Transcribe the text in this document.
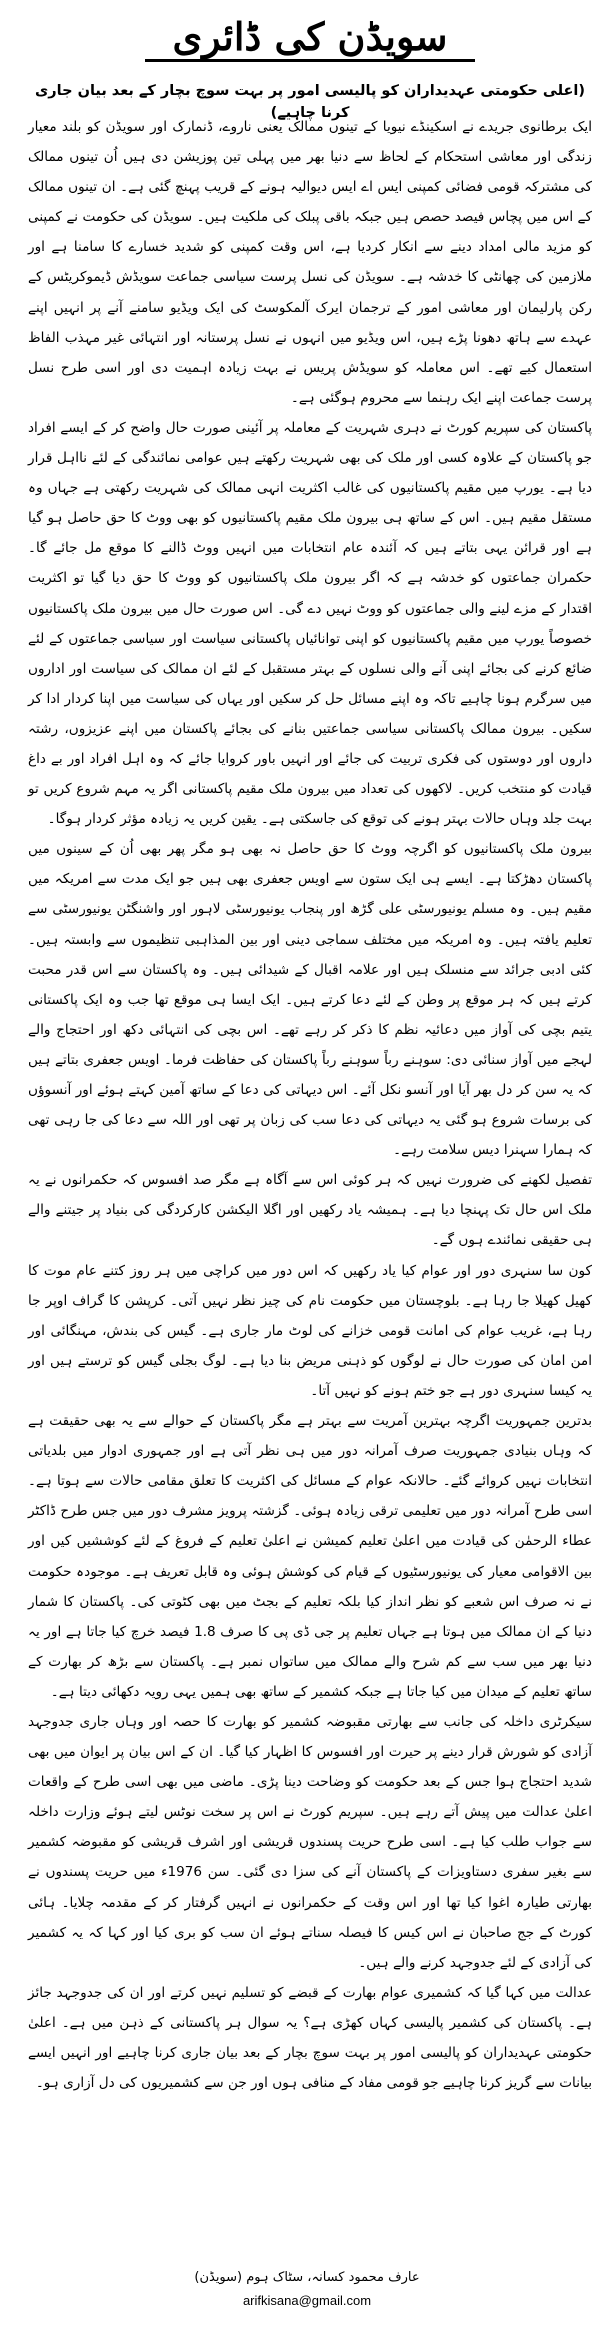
سویڈن کی ڈائری
(اعلی حکومتی عہدیداران کو پالیسی امور پر بہت سوچ بچار کے بعد بیان جاری کرنا چاہیے)

ایک برطانوی جریدے نے اسکینڈے نیویا کے تینوں ممالک یعنی ناروے، ڈنمارک اور سویڈن کو بلند معیار زندگی اور معاشی استحکام کے لحاظ سے دنیا بھر میں پہلی تین پوزیشن دی ہیں اُن تینوں ممالک کی مشترکہ قومی فضائی کمپنی ایس اے ایس دیوالیہ ہونے کے قریب پہنچ گئی ہے۔ ان تینوں ممالک کے اس میں پچاس فیصد حصص ہیں جبکہ باقی پبلک کی ملکیت ہیں۔ سویڈن کی حکومت نے کمپنی کو مزید مالی امداد دینے سے انکار کردیا ہے، اس وقت کمپنی کو شدید خسارے کا سامنا ہے اور ملازمین کی چھانٹی کا خدشہ ہے۔ سویڈن کی نسل پرست سیاسی جماعت سویڈش ڈیموکریٹس کے رکن پارلیمان اور معاشی امور کے ترجمان ایرک آلمکوسٹ کی ایک ویڈیو سامنے آنے پر انہیں اپنے عہدے سے ہاتھ دھونا پڑے ہیں، اس ویڈیو میں انہوں نے نسل پرستانہ اور انتہائی غیر مہذب الفاظ استعمال کیے تھے۔ اس معاملہ کو سویڈش پریس نے بہت زیادہ اہمیت دی اور اسی طرح نسل پرست جماعت اپنے ایک رہنما سے محروم ہوگئی ہے۔

پاکستان کی سپریم کورٹ نے دہری شہریت کے معاملہ پر آئینی صورت حال واضح کر کے ایسے افراد جو پاکستان کے علاوہ کسی اور ملک کی بھی شہریت رکھتے ہیں عوامی نمائندگی کے لئے نااہل قرار دیا ہے۔ یورپ میں مقیم پاکستانیوں کی غالب اکثریت انہی ممالک کی شہریت رکھتی ہے جہاں وہ مستقل مقیم ہیں۔ اس کے ساتھ ہی بیرون ملک مقیم پاکستانیوں کو بھی ووٹ کا حق حاصل ہو گیا ہے اور قرائن یہی بتاتے ہیں کہ آئندہ عام انتخابات میں انہیں ووٹ ڈالنے کا موقع مل جائے گا۔ حکمران جماعتوں کو خدشہ ہے کہ اگر بیرون ملک پاکستانیوں کو ووٹ کا حق دیا گیا تو اکثریت اقتدار کے مزے لینے والی جماعتوں کو ووٹ نہیں دے گی۔ اس صورت حال میں بیرون ملک پاکستانیوں خصوصاً یورپ میں مقیم پاکستانیوں کو اپنی توانائیاں پاکستانی سیاست اور سیاسی جماعتوں کے لئے ضائع کرنے کی بجائے اپنی آنے والی نسلوں کے بہتر مستقبل کے لئے ان ممالک کی سیاست اور اداروں میں سرگرم ہونا چاہیے تاکہ وہ اپنے مسائل حل کر سکیں اور یہاں کی سیاست میں اپنا کردار ادا کر سکیں۔ بیرون ممالک پاکستانی سیاسی جماعتیں بنانے کی بجائے پاکستان میں اپنے عزیزوں، رشتہ داروں اور دوستوں کی فکری تربیت کی جائے اور انہیں باور کروایا جائے کہ وہ اہل افراد اور بے داغ قیادت کو منتخب کریں۔ لاکھوں کی تعداد میں بیرون ملک مقیم پاکستانی اگر یہ مہم شروع کریں تو بہت جلد وہاں حالات بہتر ہونے کی توقع کی جاسکتی ہے۔ یقین کریں یہ زیادہ مؤثر کردار ہوگا۔

بیرون ملک پاکستانیوں کو اگرچہ ووٹ کا حق حاصل نہ بھی ہو مگر پھر بھی اُن کے سینوں میں پاکستان دھڑکتا ہے۔ ایسے ہی ایک ستون سے اویس جعفری بھی ہیں جو ایک مدت سے امریکہ میں مقیم ہیں۔ وہ مسلم یونیورسٹی علی گڑھ اور پنجاب یونیورسٹی لاہور اور واشنگٹن یونیورسٹی سے تعلیم یافتہ ہیں۔ وہ امریکہ میں مختلف سماجی دینی اور بین المذاہبی تنظیموں سے وابستہ ہیں۔ کئی ادبی جرائد سے منسلک ہیں اور علامہ اقبال کے شیدائی ہیں۔ وہ پاکستان سے اس قدر محبت کرتے ہیں کہ ہر موقع پر وطن کے لئے دعا کرتے ہیں۔ ایک ایسا ہی موقع تھا جب وہ ایک پاکستانی یتیم بچی کی آواز میں دعائیہ نظم کا ذکر کر رہے تھے۔ اس بچی کی انتہائی دکھ اور احتجاج والے لہجے میں آواز سنائی دی: سوہنے رباً سوہنے رباً پاکستان کی حفاظت فرما۔ اویس جعفری بتاتے ہیں کہ یہ سن کر دل بھر آیا اور آنسو نکل آئے۔ اس دیہاتی کی دعا کے ساتھ آمین کہتے ہوئے اور آنسوؤں کی برسات شروع ہو گئی یہ دیہاتی کی دعا سب کی زبان پر تھی اور اللہ سے دعا کی جا رہی تھی کہ ہمارا سہنرا دیس سلامت رہے۔

تفصیل لکھنے کی ضرورت نہیں کہ ہر کوئی اس سے آگاہ ہے مگر صد افسوس کہ حکمرانوں نے یہ ملک اس حال تک پہنچا دیا ہے۔ ہمیشہ یاد رکھیں اور اگلا الیکشن کارکردگی کی بنیاد پر جیتنے والے ہی حقیقی نمائندے ہوں گے۔

کون سا سنہری دور اور عوام کیا یاد رکھیں کہ اس دور میں کراچی میں ہر روز کتنے عام موت کا کھیل کھیلا جا رہا ہے۔ بلوچستان میں حکومت نام کی چیز نظر نہیں آتی۔ کرپشن کا گراف اوپر جا رہا ہے، غریب عوام کی امانت قومی خزانے کی لوٹ مار جاری ہے۔ گیس کی بندش، مہنگائی اور امن امان کی صورت حال نے لوگوں کو ذہنی مریض بنا دیا ہے۔ لوگ بجلی گیس کو ترستے ہیں اور یہ کیسا سنہری دور ہے جو ختم ہونے کو نہیں آتا۔

بدترین جمہوریت اگرچہ بہترین آمریت سے بہتر ہے مگر پاکستان کے حوالے سے یہ بھی حقیقت ہے کہ وہاں بنیادی جمہوریت صرف آمرانہ دور میں ہی نظر آتی ہے اور جمہوری ادوار میں بلدیاتی انتخابات نہیں کروائے گئے۔ حالانکہ عوام کے مسائل کی اکثریت کا تعلق مقامی حالات سے ہوتا ہے۔ اسی طرح آمرانہ دور میں تعلیمی ترقی زیادہ ہوئی۔ گزشتہ پرویز مشرف دور میں جس طرح ڈاکٹر عطاء الرحمٰن کی قیادت میں اعلیٰ تعلیم کمیشن نے اعلیٰ تعلیم کے فروغ کے لئے کوششیں کیں اور بین الاقوامی معیار کی یونیورسٹیوں کے قیام کی کوشش ہوئی وہ قابل تعریف ہے۔ موجودہ حکومت نے نہ صرف اس شعبے کو نظر انداز کیا بلکہ تعلیم کے بجٹ میں بھی کٹوتی کی۔ پاکستان کا شمار دنیا کے ان ممالک میں ہوتا ہے جہاں تعلیم پر جی ڈی پی کا صرف 1.8 فیصد خرچ کیا جاتا ہے اور یہ دنیا بھر میں سب سے کم شرح والے ممالک میں ساتواں نمبر ہے۔ پاکستان سے بڑھ کر بھارت کے ساتھ تعلیم کے میدان میں کیا جاتا ہے جبکہ کشمیر کے ساتھ بھی ہمیں یہی رویہ دکھائی دیتا ہے۔

سیکرٹری داخلہ کی جانب سے بھارتی مقبوضہ کشمیر کو بھارت کا حصہ اور وہاں جاری جدوجہد آزادی کو شورش قرار دینے پر حیرت اور افسوس کا اظہار کیا گیا۔ ان کے اس بیان پر ایوان میں بھی شدید احتجاج ہوا جس کے بعد حکومت کو وضاحت دینا پڑی۔ ماضی میں بھی اسی طرح کے واقعات اعلیٰ عدالت میں پیش آتے رہے ہیں۔ سپریم کورٹ نے اس پر سخت نوٹس لیتے ہوئے وزارت داخلہ سے جواب طلب کیا ہے۔ اسی طرح حریت پسندوں قریشی اور اشرف قریشی کو مقبوضہ کشمیر سے بغیر سفری دستاویزات کے پاکستان آنے کی سزا دی گئی۔ سن 1976ء میں حریت پسندوں نے بھارتی طیارہ اغوا کیا تھا اور اس وقت کے حکمرانوں نے انہیں گرفتار کر کے مقدمہ چلایا۔ ہائی کورٹ کے جج صاحبان نے اس کیس کا فیصلہ سناتے ہوئے ان سب کو بری کیا اور کہا کہ یہ کشمیر کی آزادی کے لئے جدوجہد کرنے والے ہیں۔

عدالت میں کہا گیا کہ کشمیری عوام بھارت کے قبضے کو تسلیم نہیں کرتے اور ان کی جدوجہد جائز ہے۔ پاکستان کی کشمیر پالیسی کہاں کھڑی ہے؟ یہ سوال ہر پاکستانی کے ذہن میں ہے۔ اعلیٰ حکومتی عہدیداران کو پالیسی امور پر بہت سوچ بچار کے بعد بیان جاری کرنا چاہیے اور انہیں ایسے بیانات سے گریز کرنا چاہیے جو قومی مفاد کے منافی ہوں اور جن سے کشمیریوں کی دل آزاری ہو۔

عارف محمود کسانہ، سٹاک ہوم (سویڈن)
arifkisana@gmail.com
